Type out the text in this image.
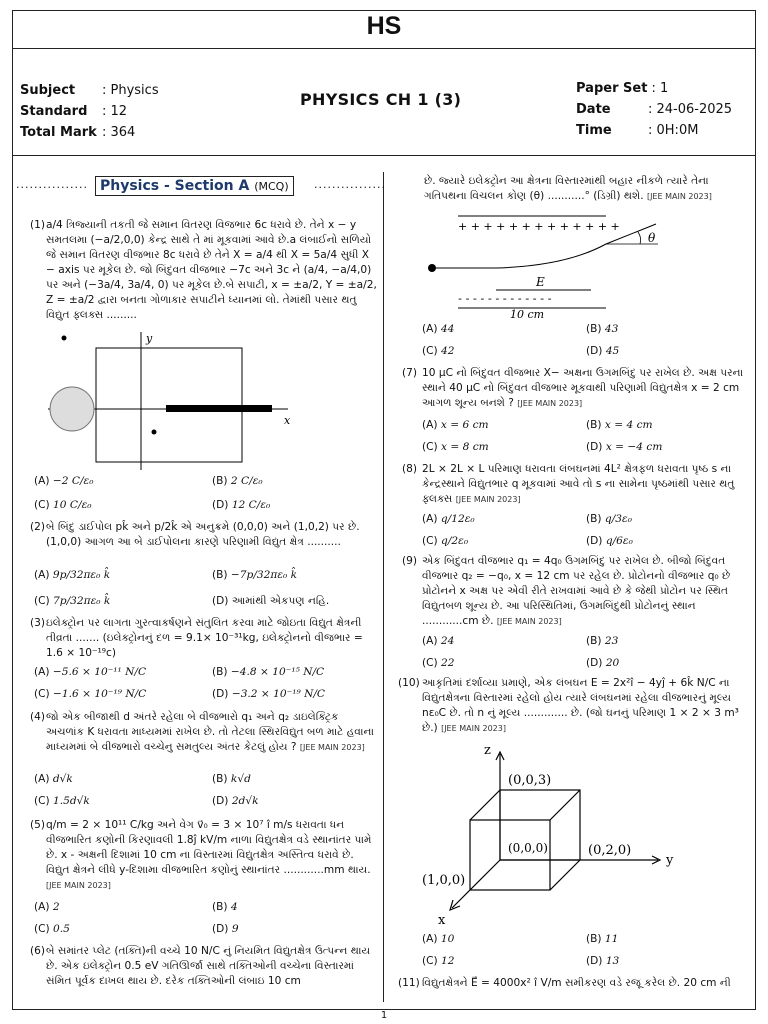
HS
Subject : Physics
Standard : 12
Total Mark : 364
PHYSICS CH 1 (3)
Paper Set : 1
Date	: 24-06-2025
Time	: 0H:0M
................ Physics - Section A (MCQ)	................
(1) a/4 ત્રિજ્યાની તકતી જે સમાન વિતરણ વિજભાર 6c ધરાવે છે. તેને x − y સમતલમા (−a/2,0,0) કેન્દ્ર સાથે તે માં મૂકવામાં આવે છે.a લંબાઈનો સળિયો જે સમાન વિતરણ વીજભાર 8c ધરાવે છે તેને X = a/4 થી X = 5a/4 સુધી X − axis પર મૂકેલ છે. જો બિંદુવત વીજભાર −7c અને 3c ને (a/4, −a/4,0) પર અને (−3a/4, 3a/4, 0) પર મૂકેલ છે.બે સપાટી, x = ±a/2, Y = ±a/2, Z = ±a/2 દ્વારા બનતા ગોળાકાર સપાટીને ધ્યાનમાં લો. તેમાંથી પસાર થતુ વિદ્યુત ફ્લક્સ .........
y
x
(A) −2 C/ε₀	(B) 2 C/ε₀
(C) 10 C/ε₀	(D) 12 C/ε₀
(2) બે બિંદુ ડાઈપોલ pk̂ અને p/2k̂ એ અનુક્રમે (0,0,0) અને (1,0,2) પર છે. (1,0,0) આગળ આ બે ડાઈપોલના કારણે પરિણામી વિદ્યુત ક્ષેત્ર ..........
(A) 9p/32πε₀ k̂	(B) −7p/32πε₀ k̂
(C) 7p/32πε₀ k̂	(D) આમાંથી એકપણ નહિ.
(3) ઇલેક્ટ્રોન પર લાગતા ગુરત્વાકર્ષણને સંતુલિત કરવા માટે જોઇતા વિદ્યુત ક્ષેત્રની તીવ્રતા ....... (ઇલેક્ટ્રોનનું દળ = 9.1× 10⁻³¹kg, ઇલેક્ટ્રોનનો વીજભાર = 1.6 × 10⁻¹⁹c)
(A) −5.6 × 10⁻¹¹ N/C	(B) −4.8 × 10⁻¹⁵ N/C
(C) −1.6 × 10⁻¹⁹ N/C	(D) −3.2 × 10⁻¹⁹ N/C
(4) જો એક બીજાથી d અંતરે રહેલા બે વીજભારો q₁ અને q₂ ડાઇલેક્ટ્રિક અચળાંક K ધરાવતા માધ્યમમાં રાખેલ છે. તો તેટલા સ્થિરવિદ્યુત બળ માટે હવાના માધ્યમમાં બે વીજભારો વચ્ચેનુ સમતુલ્ય અંતર કેટલું હોય ? [JEE MAIN 2023]
(A) d√k	(B) k√d
(C) 1.5d√k	(D) 2d√k
(5) q/m = 2 × 10¹¹ C/kg અને વેગ v⃗₀ = 3 × 10⁷ î m/s ધરાવતા ધન વીજભારિત કણોની કિરણાવલી 1.8ĵ kV/m નાળા વિદ્યુતક્ષેત્ર વડે સ્થાનાંતર પામે છે. x - અક્ષની દિશામાં 10 cm ના વિસ્તારમાં વિદ્યુતક્ષેત્ર અસ્તિત્વ ધરાવે છે. વિદ્યુત ક્ષેત્રને લીધે y-દિશામા વીજભારિત કણોનું સ્થાનાંતર ............mm થાય. [JEE MAIN 2023]
(A) 2	(B) 4
(C) 0.5	(D) 9
(6) બે સમાંતર પ્લેટ (તક્તિ)ની વચ્ચે 10 N/C નું નિયમિત વિદ્યુતક્ષેત્ર ઉત્પન્ન થાય છે. એક ઇલેક્ટ્રોન 0.5 eV ગતિઊર્જા સાથે તક્તિઓની વચ્ચેના વિસ્તારમાં સંમિત પૂર્વક દાખલ થાય છે. દરેક તક્તિઓની લંબાઇ 10 cm
છે. જ્યારે ઇલેક્ટ્રોન આ ક્ષેત્રના વિસ્તારમાંથી બહાર નીકળે ત્યારે તેના ગતિપથના વિચલન કોણ (θ) ...........° (ડિગ્રી) થશે. [JEE MAIN 2023]
+ + + + + + + + + + + + +
θ
E
- - - - - - - - - - - - -
10 cm
(A) 44	(B) 43
(C) 42	(D) 45
(7) 10 μC નો બિંદુવત વીજભાર X− અક્ષના ઉગમબિંદુ પર રાખેલ છે. અક્ષ પરના સ્થાને 40 μC નો બિંદુવત વીજભાર મૂકવાથી પરિણામી વિદ્યુતક્ષેત્ર x = 2 cm આગળ શૂન્ય બનશે ? [JEE MAIN 2023]
(A) x = 6 cm	(B) x = 4 cm
(C) x = 8 cm	(D) x = −4 cm
(8) 2L × 2L × L પરિમાણ ધરાવતા લંબઘનમાં 4L² ક્ષેત્રફળ ધરાવતા પૃષ્ઠ s ના કેન્દ્રસ્થાને વિદ્યુતભાર q મૂકવામાં આવે તો s ના સામેના પૃષ્ઠમાંથી પસાર થતુ ફ્લક્સ [JEE MAIN 2023]
(A) q/12ε₀	(B) q/3ε₀
(C) q/2ε₀	(D) q/6ε₀
(9) એક બિંદુવત વીજભાર q₁ = 4q₀ ઉગમબિંદુ પર રાખેલ છે. બીજો બિંદુવત વીજભાર q₂ = −q₀, x = 12 cm પર રહેલ છે. પ્રોટોનનો વીજભાર q₀ છે પ્રોટોનને x અક્ષ પર એવી રીતે રાખવામાં આવે છે કે જેથી પ્રોટોન પર સ્થિત વિદ્યુતબળ શૂન્ય છે. આ પરિસ્થિતિમાં, ઉગમબિંદુથી પ્રોટોનનું સ્થાન ............cm છે. [JEE MAIN 2023]
(A) 24	(B) 23
(C) 22	(D) 20
(10) આકૃતિમાં દર્શાવ્યા પ્રમાણે, એક લંબઘન E = 2x²î − 4yĵ + 6k̂ N/C ના વિદ્યુતક્ષેત્રના વિસ્તારમાં રહેલો હોય ત્યારે લંબઘનમાં રહેલા વીજભારનું મૂલ્ય nε₀C છે. તો n નું મૂલ્ય ............. છે. (જો ઘનનું પરિમાણ 1 × 2 × 3 m³ છે.) [JEE MAIN 2023]
z
y
x
(0,0,3)
(0,0,0)	(0,2,0)
(1,0,0)
(A) 10	(B) 11
(C) 12	(D) 13
(11) વિદ્યુતક્ષેત્રને E⃗ = 4000x² î V/m સમીકરણ વડે રજૂ કરેલ છે. 20 cm ની
1
